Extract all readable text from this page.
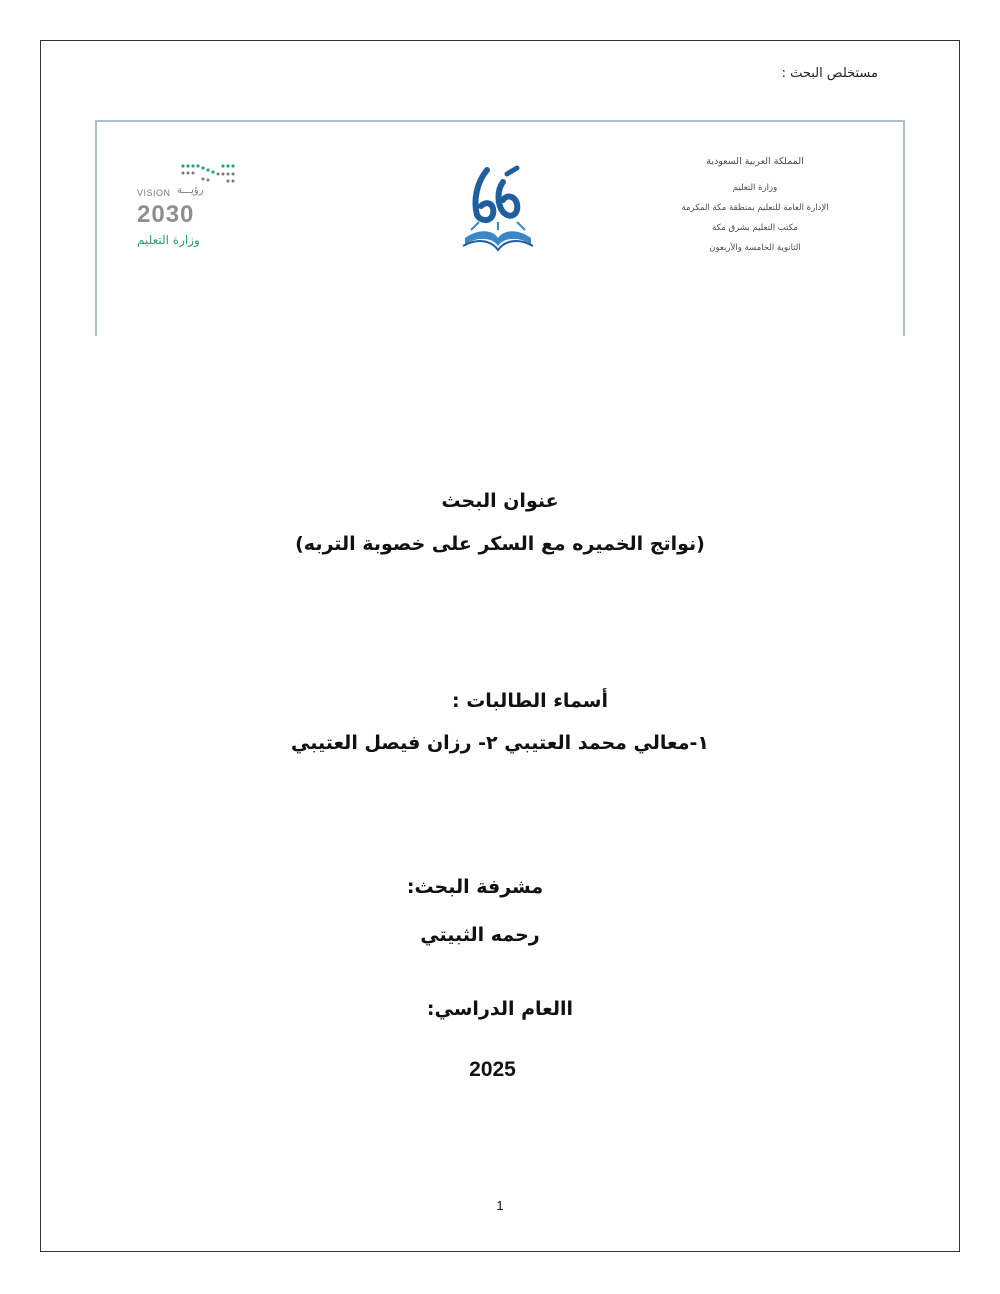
مستخلص البحث :
المملكة العربية السعودية
وزارة التعليم
الإدارة العامة للتعليم بمنطقة مكة المكرمة
مكتب التعليم بشرق مكة
الثانوية الخامسة والأربعون
VISION رؤيـــة
2030
وزارة التعليم
عنوان البحث
(نواتج الخميره مع السكر على خصوبة التربه)
أسماء الطالبات :
١-معالي محمد العتيبي ٢- رزان فيصل العتيبي
مشرفة البحث:
رحمه الثبيتي
االعام الدراسي:
2025
1
